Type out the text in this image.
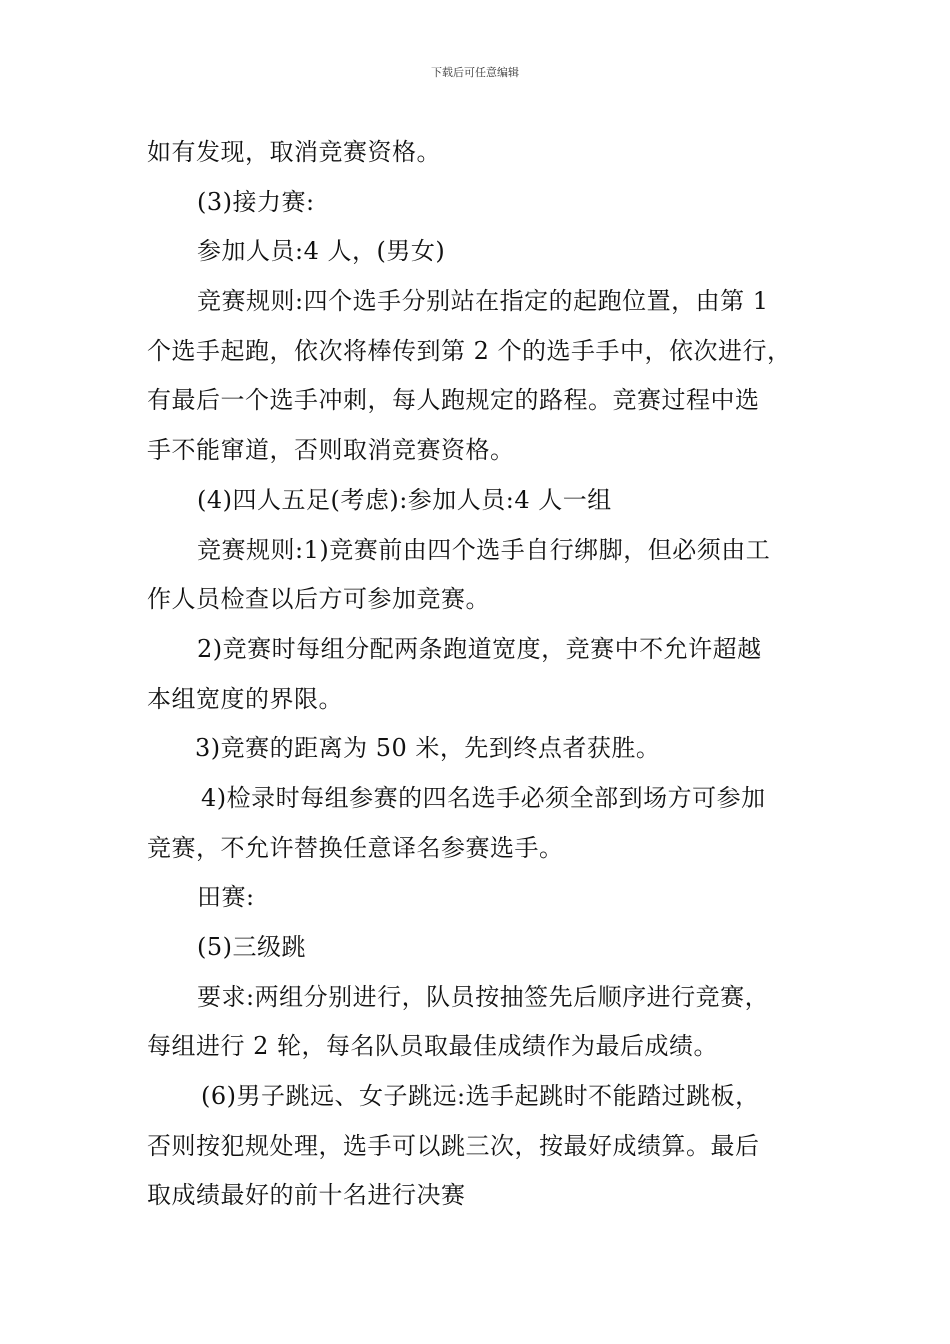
下载后可任意编辑
如有发现，取消竞赛资格。
(3)接力赛:
参加人员:4 人，(男女)
竞赛规则:四个选手分别站在指定的起跑位置，由第 1
个选手起跑，依次将棒传到第 2 个的选手手中，依次进行，
有最后一个选手冲刺，每人跑规定的路程。竞赛过程中选
手不能窜道，否则取消竞赛资格。
(4)四人五足(考虑):参加人员:4 人一组
竞赛规则:1)竞赛前由四个选手自行绑脚，但必须由工
作人员检查以后方可参加竞赛。
2)竞赛时每组分配两条跑道宽度，竞赛中不允许超越
本组宽度的界限。
3)竞赛的距离为 50 米，先到终点者获胜。
4)检录时每组参赛的四名选手必须全部到场方可参加
竞赛，不允许替换任意译名参赛选手。
田赛:
(5)三级跳
要求:两组分别进行，队员按抽签先后顺序进行竞赛，
每组进行 2 轮，每名队员取最佳成绩作为最后成绩。
(6)男子跳远、女子跳远:选手起跳时不能踏过跳板，
否则按犯规处理，选手可以跳三次，按最好成绩算。最后
取成绩最好的前十名进行决赛
